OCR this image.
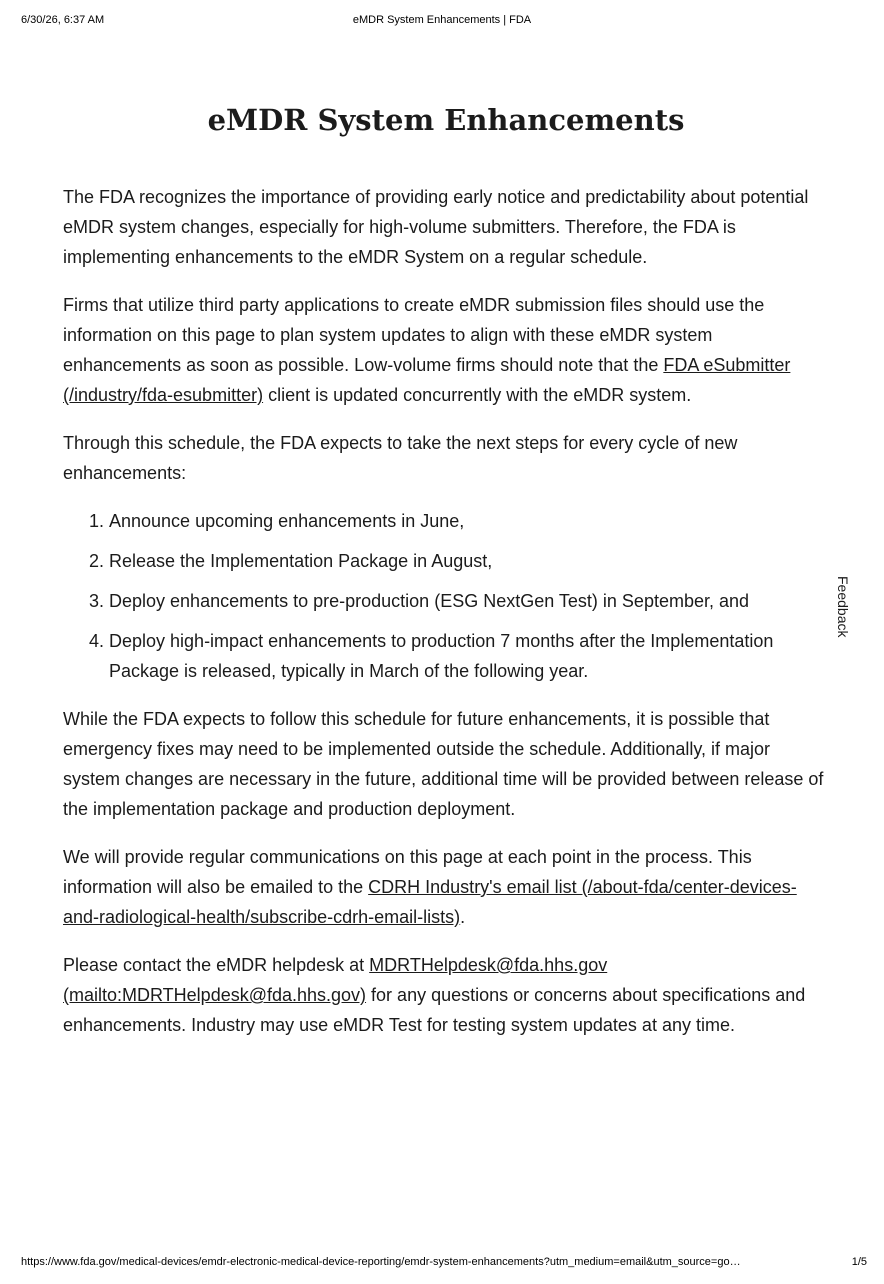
6/30/26, 6:37 AM	eMDR System Enhancements | FDA
eMDR System Enhancements

The FDA recognizes the importance of providing early notice and predictability about potential eMDR system changes, especially for high-volume submitters. Therefore, the FDA is implementing enhancements to the eMDR System on a regular schedule.

Firms that utilize third party applications to create eMDR submission files should use the information on this page to plan system updates to align with these eMDR system enhancements as soon as possible. Low-volume firms should note that the FDA eSubmitter (/industry/fda-esubmitter) client is updated concurrently with the eMDR system.

Through this schedule, the FDA expects to take the next steps for every cycle of new enhancements:

1. Announce upcoming enhancements in June,
2. Release the Implementation Package in August,
3. Deploy enhancements to pre-production (ESG NextGen Test) in September, and
4. Deploy high-impact enhancements to production 7 months after the Implementation Package is released, typically in March of the following year.

While the FDA expects to follow this schedule for future enhancements, it is possible that emergency fixes may need to be implemented outside the schedule. Additionally, if major system changes are necessary in the future, additional time will be provided between release of the implementation package and production deployment.

We will provide regular communications on this page at each point in the process. This information will also be emailed to the CDRH Industry's email list (/about-fda/center-devices-and-radiological-health/subscribe-cdrh-email-lists).

Please contact the eMDR helpdesk at MDRTHelpdesk@fda.hhs.gov (mailto:MDRTHelpdesk@fda.hhs.gov) for any questions or concerns about specifications and enhancements. Industry may use eMDR Test for testing system updates at any time.

Feedback
https://www.fda.gov/medical-devices/emdr-electronic-medical-device-reporting/emdr-system-enhancements?utm_medium=email&utm_source=go…	1/5
